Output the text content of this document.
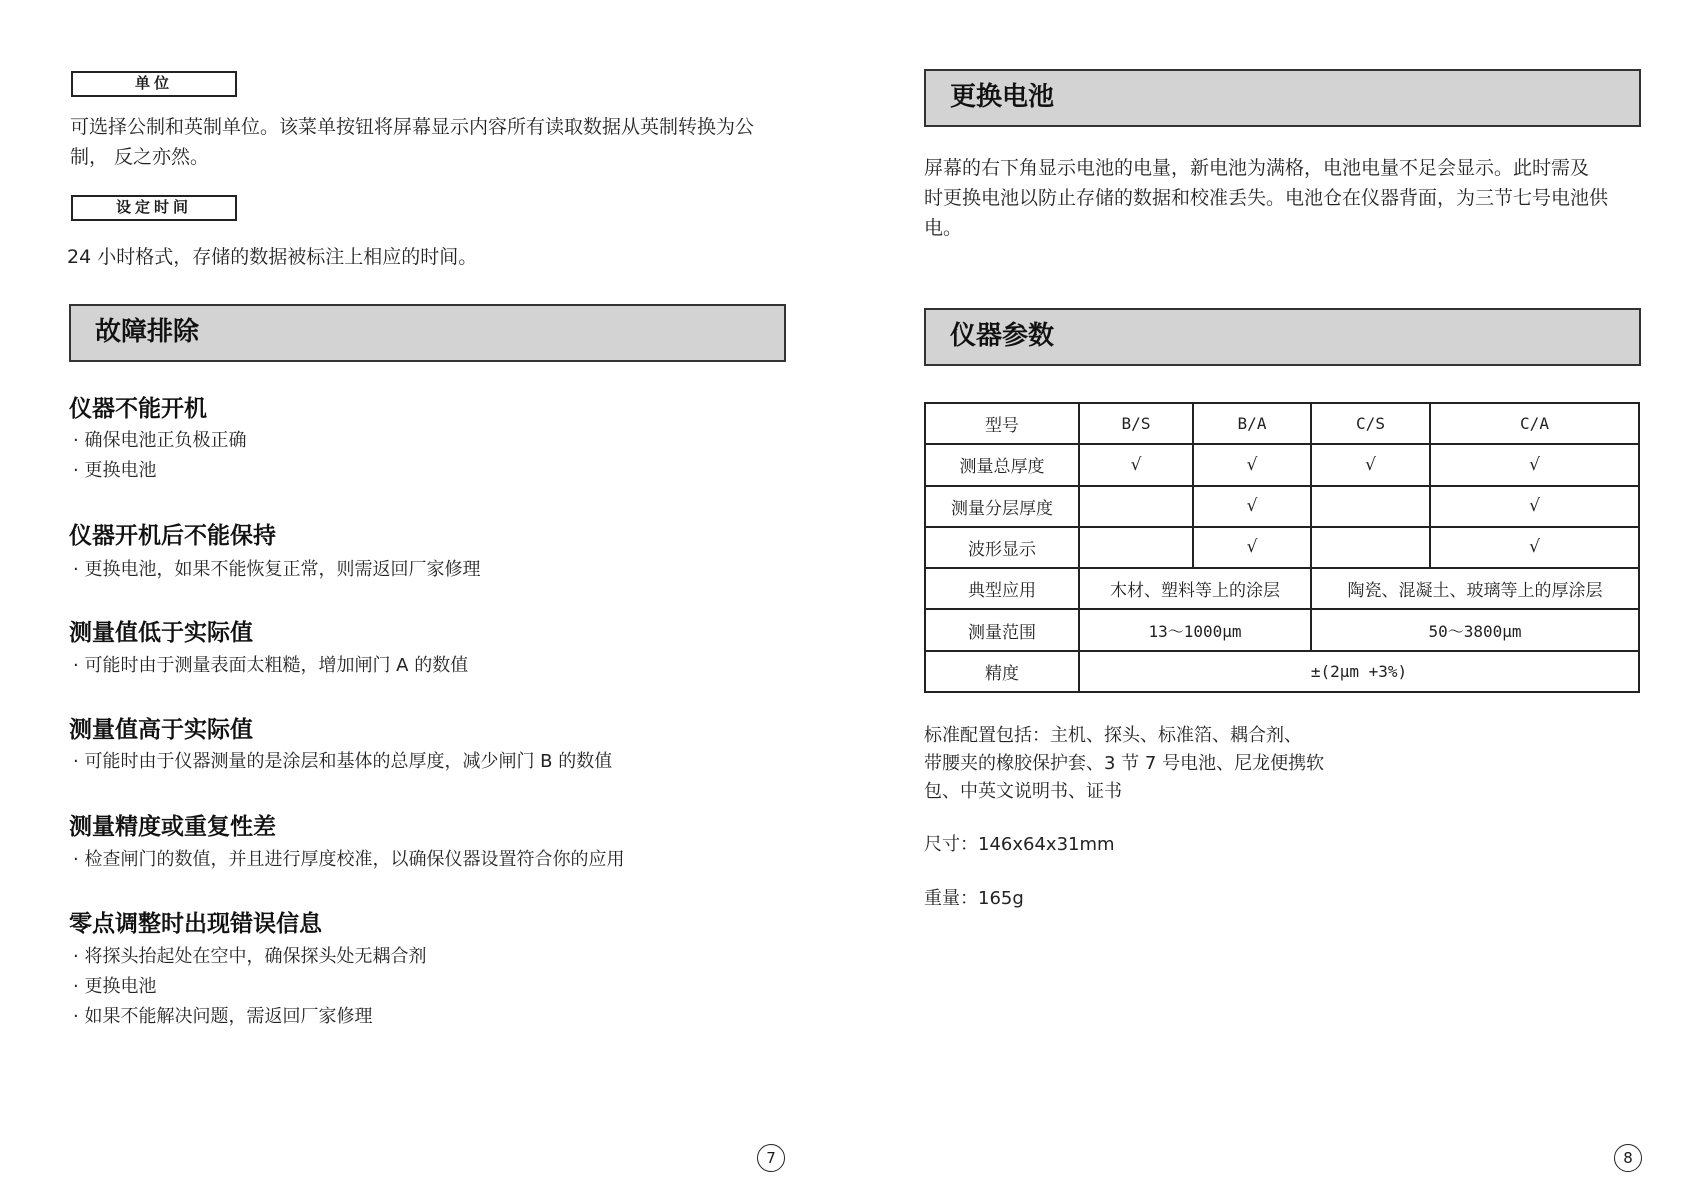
单位
可选择公制和英制单位。该菜单按钮将屏幕显示内容所有读取数据从英制转换为公
制， 反之亦然。
设定时间
24 小时格式，存储的数据被标注上相应的时间。
故障排除
仪器不能开机
· 确保电池正负极正确
· 更换电池
仪器开机后不能保持
· 更换电池，如果不能恢复正常，则需返回厂家修理
测量值低于实际值
· 可能时由于测量表面太粗糙，增加闸门 A 的数值
测量值高于实际值
· 可能时由于仪器测量的是涂层和基体的总厚度，减少闸门 B 的数值
测量精度或重复性差
· 检查闸门的数值，并且进行厚度校准，以确保仪器设置符合你的应用
零点调整时出现错误信息
· 将探头抬起处在空中，确保探头处无耦合剂
· 更换电池
· 如果不能解决问题，需返回厂家修理
7
更换电池
屏幕的右下角显示电池的电量，新电池为满格，电池电量不足会显示。此时需及
时更换电池以防止存储的数据和校准丢失。电池仓在仪器背面，为三节七号电池供
电。
仪器参数
型号	B/S	B/A	C/S	C/A
测量总厚度	√	√	√	√
测量分层厚度		√		√
波形显示		√		√
典型应用	木材、塑料等上的涂层		陶瓷、混凝土、玻璃等上的厚涂层	
测量范围	13～1000μm		50～3800μm	
精度	±(2μm +3%)			
标准配置包括：主机、探头、标准箔、耦合剂、
带腰夹的橡胶保护套、3 节 7 号电池、尼龙便携软
包、中英文说明书、证书
尺寸：146x64x31mm
重量：165g
8
